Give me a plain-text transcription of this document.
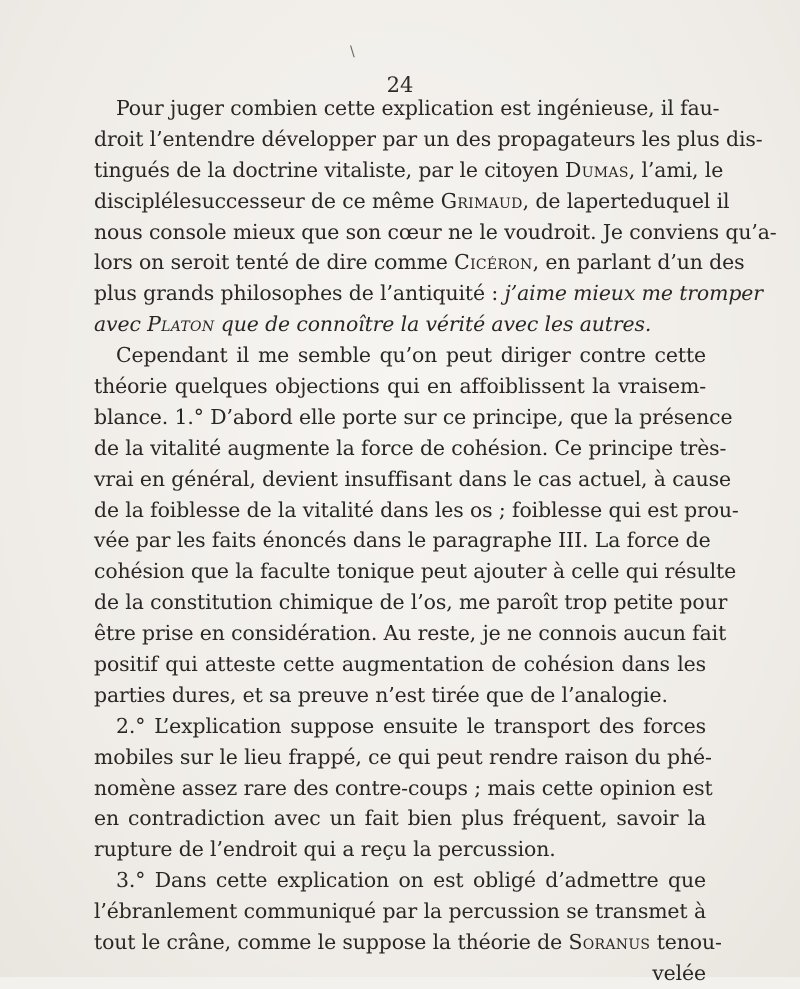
\
24
Pour juger combien cette explication est ingénieuse, il fau-
droit l’entendre développer par un des propagateurs les plus dis-
tingués de la doctrine vitaliste, par le citoyen Dumas, l’ami, le
disciplélesuccesseur de ce même Grimaud, de laperteduquel il
nous console mieux que son cœur ne le voudroit. Je conviens qu’a-
lors on seroit tenté de dire comme Cicéron, en parlant d’un des
plus grands philosophes de l’antiquité : j’aime mieux me tromper
avec Platon que de connoître la vérité avec les autres.
Cependant il me semble qu’on peut diriger contre cette
théorie quelques objections qui en affoiblissent la vraisem-
blance. 1.° D’abord elle porte sur ce principe, que la présence
de la vitalité augmente la force de cohésion. Ce principe très-
vrai en général, devient insuffisant dans le cas actuel, à cause
de la foiblesse de la vitalité dans les os ; foiblesse qui est prou-
vée par les faits énoncés dans le paragraphe III. La force de
cohésion que la faculte tonique peut ajouter à celle qui résulte
de la constitution chimique de l’os, me paroît trop petite pour
être prise en considération. Au reste, je ne connois aucun fait
positif qui atteste cette augmentation de cohésion dans les
parties dures, et sa preuve n’est tirée que de l’analogie.
2.° L’explication suppose ensuite le transport des forces
mobiles sur le lieu frappé, ce qui peut rendre raison du phé-
nomène assez rare des contre-coups ; mais cette opinion est
en contradiction avec un fait bien plus fréquent, savoir la
rupture de l’endroit qui a reçu la percussion.
3.° Dans cette explication on est obligé d’admettre que
l’ébranlement communiqué par la percussion se transmet à
tout le crâne, comme le suppose la théorie de Soranus tenou-
velée
